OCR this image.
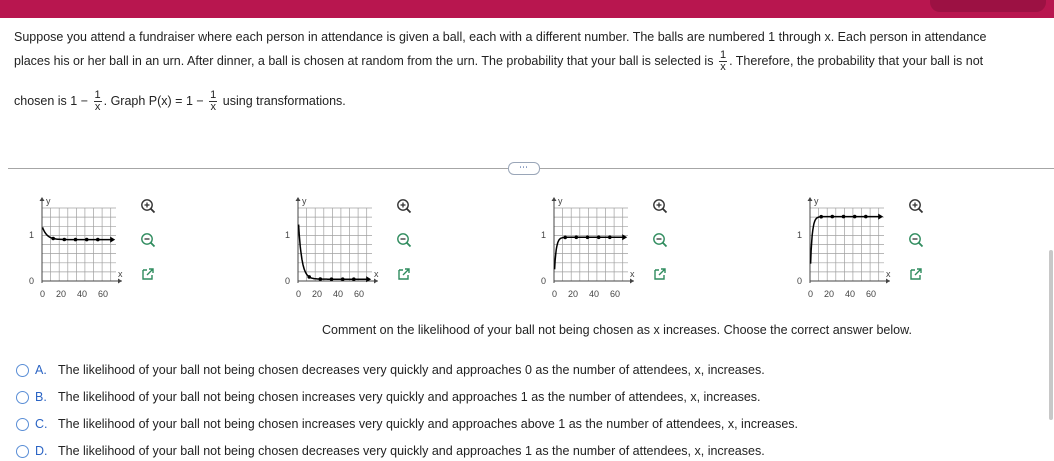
Suppose you attend a fundraiser where each person in attendance is given a ball, each with a different number. The balls are numbered 1 through x. Each person in attendance
places his or her ball in an urn. After dinner, a ball is chosen at random from the urn. The probability that your ball is selected is $\frac{1}{x}$ . Therefore, the probability that your ball is not
chosen is $1 - \frac{1}{x}$ . Graph $P(x) = 1 - \frac{1}{x}$ using transformations.
⋯
y
x
1
0
0 20 40 60
y
x
1
0
0 20 40 60
y
x
1
0
0 20 40 60
y
x
1
0
0 20 40 60
Comment on the likelihood of your ball not being chosen as x increases. Choose the correct answer below.
A. The likelihood of your ball not being chosen decreases very quickly and approaches 0 as the number of attendees, x, increases.
B. The likelihood of your ball not being chosen increases very quickly and approaches 1 as the number of attendees, x, increases.
C. The likelihood of your ball not being chosen increases very quickly and approaches above 1 as the number of attendees, x, increases.
D. The likelihood of your ball not being chosen decreases very quickly and approaches 1 as the number of attendees, x, increases.
